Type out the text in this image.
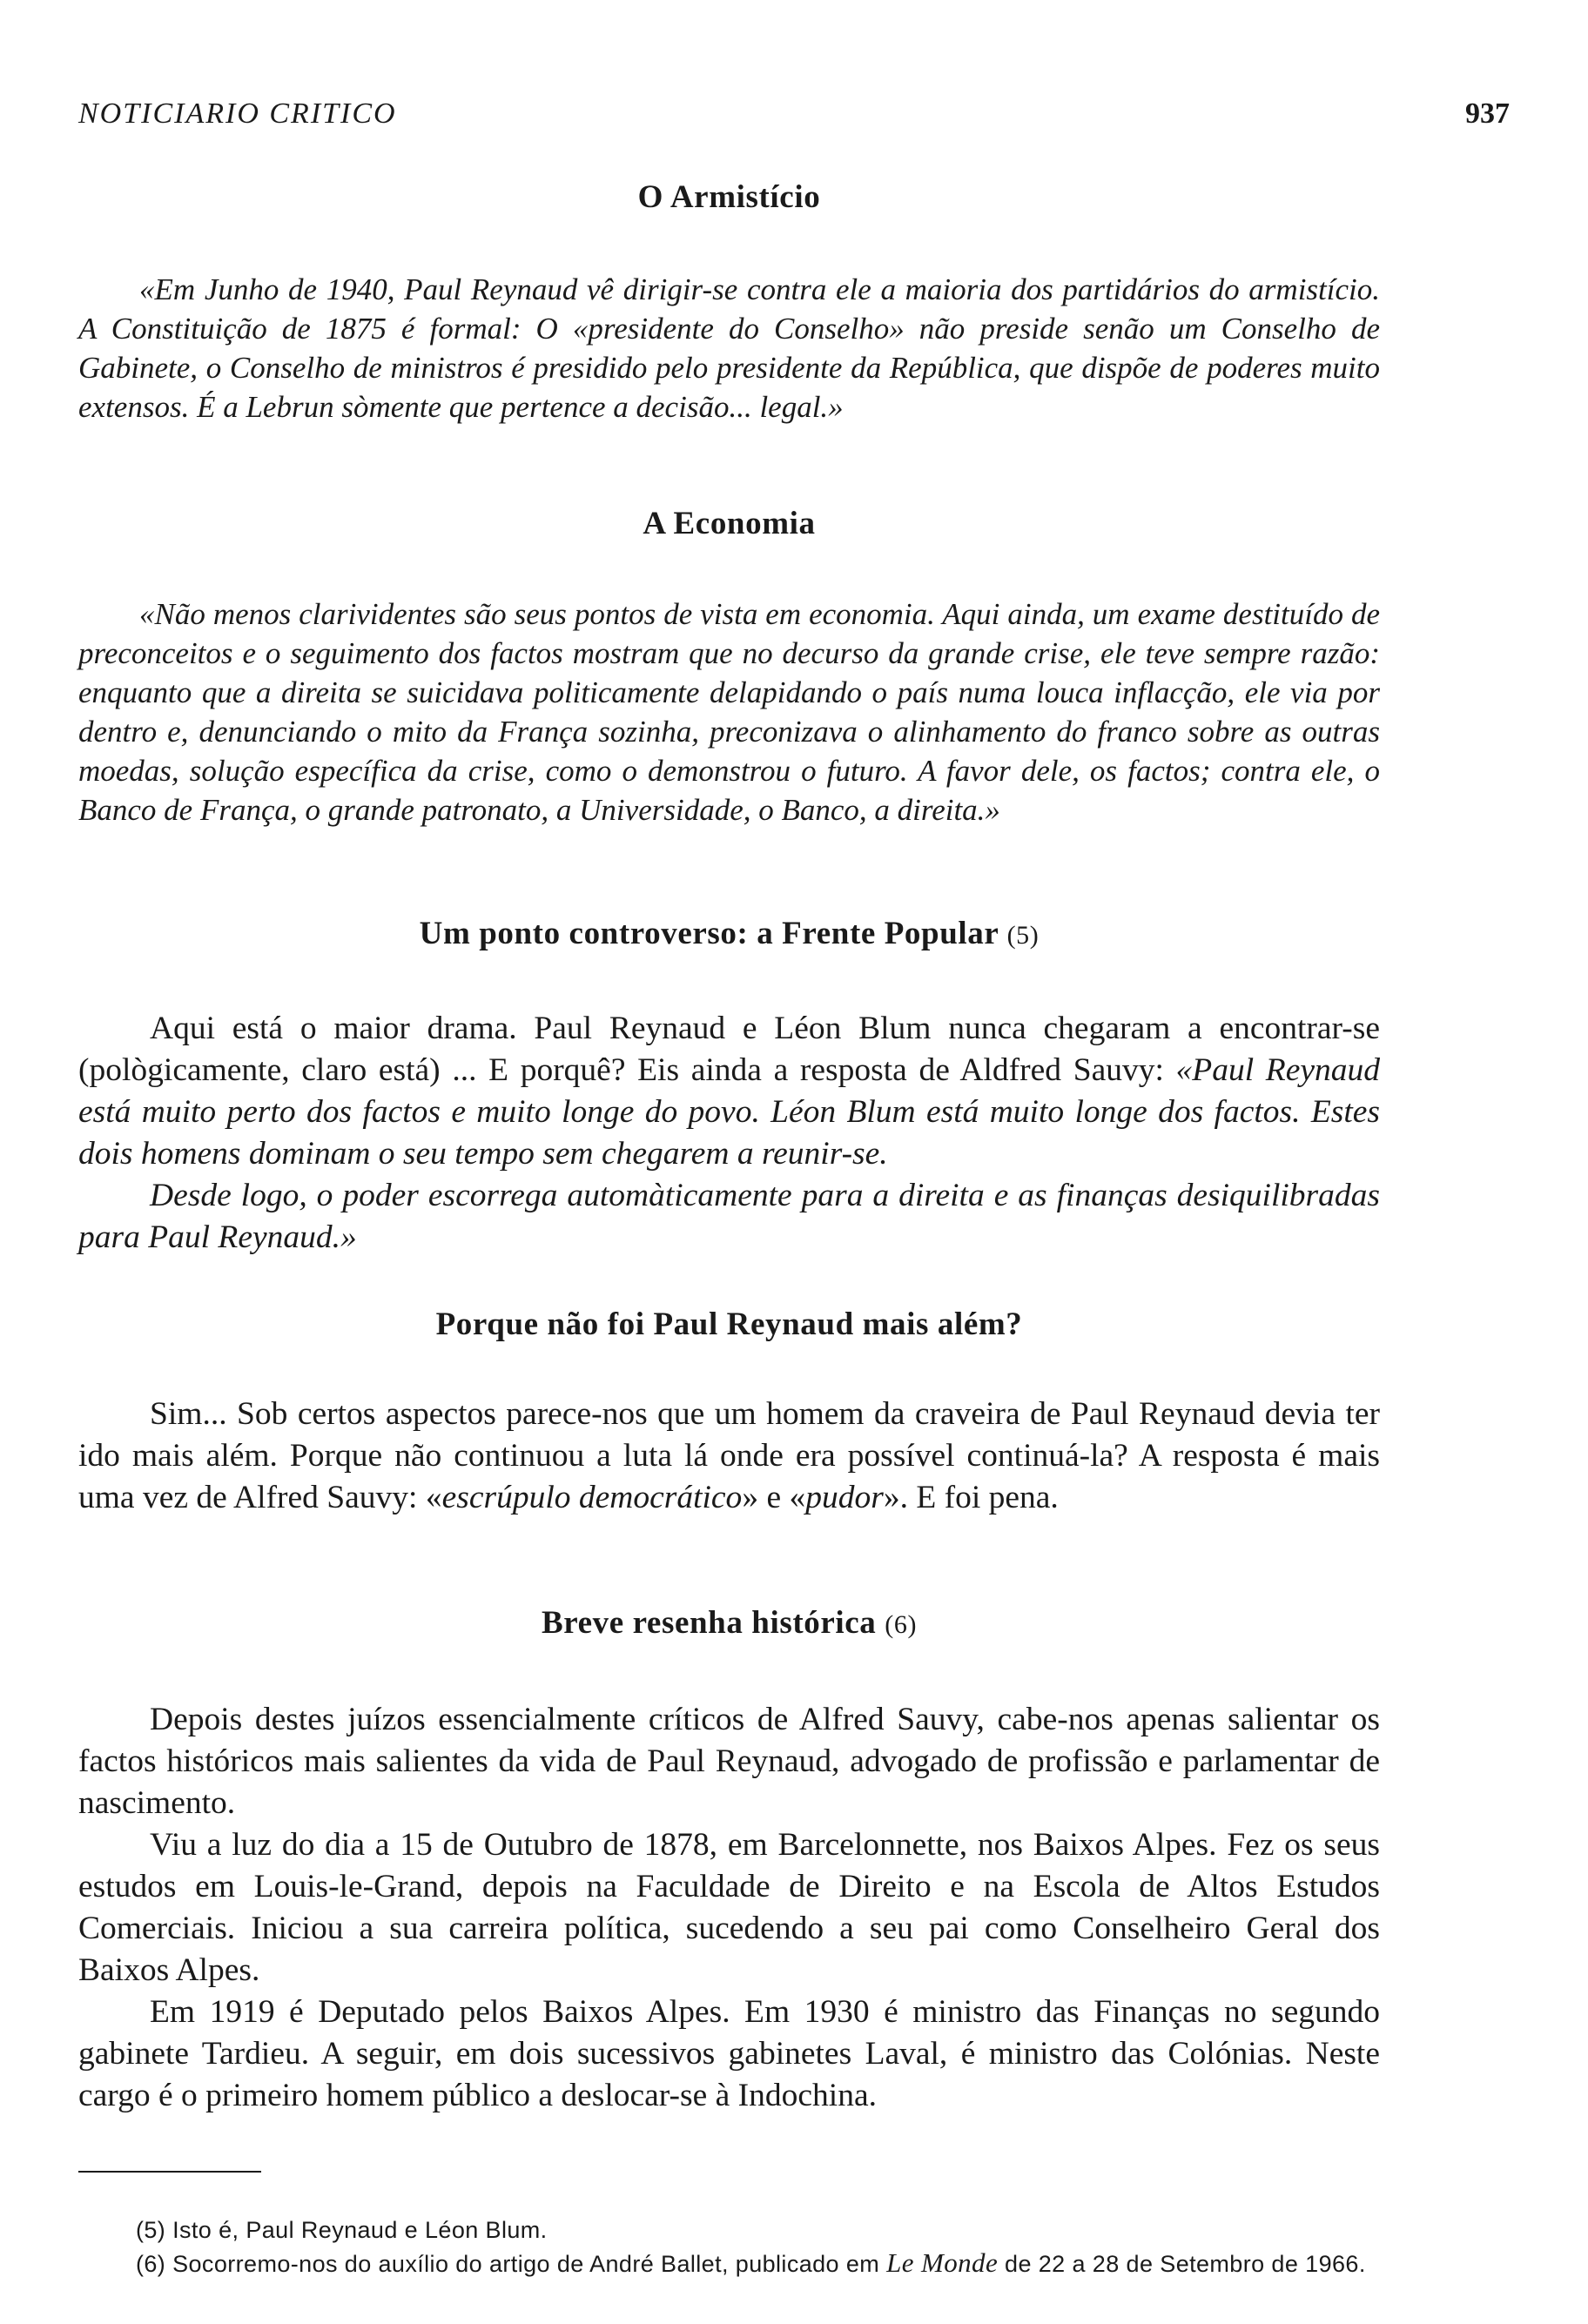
NOTICIARIO CRITICO	937
O Armistício

«Em Junho de 1940, Paul Reynaud vê dirigir-se contra ele a maioria dos partidários do armistício. A Constituição de 1875 é formal: O «presidente do Conselho» não preside senão um Conselho de Gabinete, o Conselho de ministros é presidido pelo presidente da República, que dispõe de poderes muito extensos. É a Lebrun sòmente que pertence a decisão... legal.»

A Economia

«Não menos clarividentes são seus pontos de vista em economia. Aqui ainda, um exame destituído de preconceitos e o seguimento dos factos mostram que no decurso da grande crise, ele teve sempre razão: enquanto que a direita se suicidava politicamente delapidando o país numa louca inflacção, ele via por dentro e, denunciando o mito da França sozinha, preconizava o alinhamento do franco sobre as outras moedas, solução específica da crise, como o demonstrou o futuro. A favor dele, os factos; contra ele, o Banco de França, o grande patronato, a Universidade, o Banco, a direita.»

Um ponto controverso: a Frente Popular (5)

Aqui está o maior drama. Paul Reynaud e Léon Blum nunca chegaram a encontrar-se (pològicamente, claro está) ... E porquê? Eis ainda a resposta de Aldfred Sauvy: «Paul Reynaud está muito perto dos factos e muito longe do povo. Léon Blum está muito longe dos factos. Estes dois homens dominam o seu tempo sem chegarem a reunir-se.

Desde logo, o poder escorrega automàticamente para a direita e as finanças desiquilibradas para Paul Reynaud.»

Porque não foi Paul Reynaud mais além?

Sim... Sob certos aspectos parece-nos que um homem da craveira de Paul Reynaud devia ter ido mais além. Porque não continuou a luta lá onde era possível continuá-la? A resposta é mais uma vez de Alfred Sauvy: «escrúpulo democrático» e «pudor». E foi pena.

Breve resenha histórica (6)

Depois destes juízos essencialmente críticos de Alfred Sauvy, cabe-nos apenas salientar os factos históricos mais salientes da vida de Paul Reynaud, advogado de profissão e parlamentar de nascimento.

Viu a luz do dia a 15 de Outubro de 1878, em Barcelonnette, nos Baixos Alpes. Fez os seus estudos em Louis-le-Grand, depois na Faculdade de Direito e na Escola de Altos Estudos Comerciais. Iniciou a sua carreira política, sucedendo a seu pai como Conselheiro Geral dos Baixos Alpes.

Em 1919 é Deputado pelos Baixos Alpes. Em 1930 é ministro das Finanças no segundo gabinete Tardieu. A seguir, em dois sucessivos gabinetes Laval, é ministro das Colónias. Neste cargo é o primeiro homem público a deslocar-se à Indochina.

(5) Isto é, Paul Reynaud e Léon Blum.

(6) Socorremo-nos do auxílio do artigo de André Ballet, publicado em Le Monde de 22 a 28 de Setembro de 1966.
